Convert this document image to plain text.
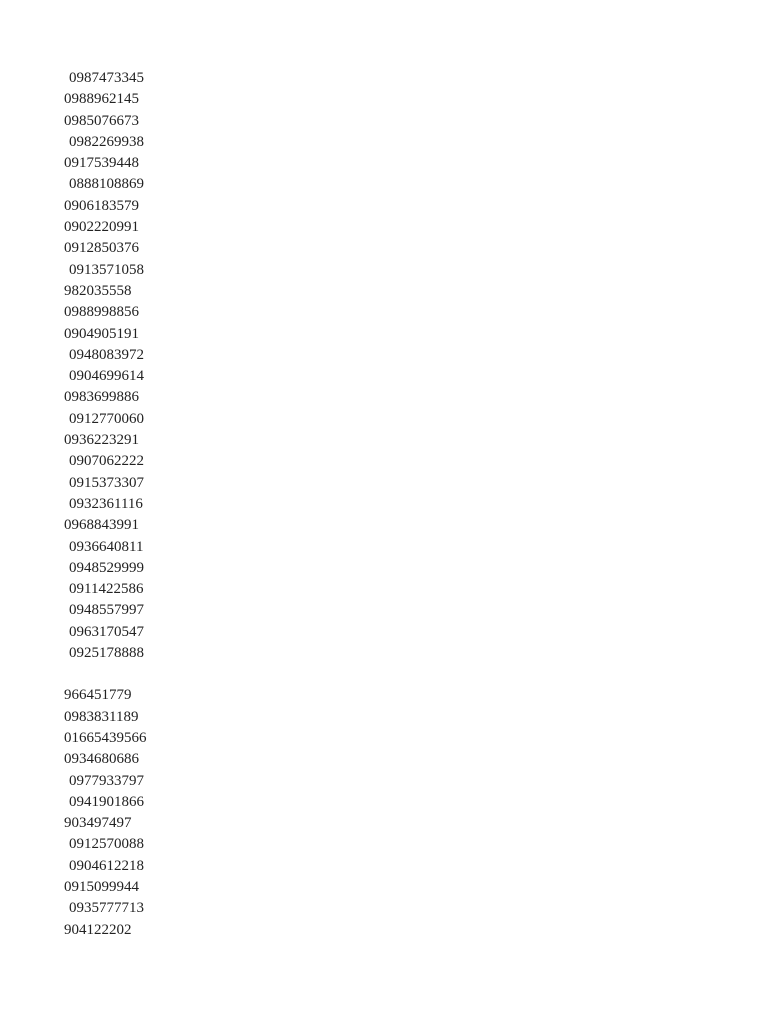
0987473345
0988962145
0985076673
0982269938
0917539448
0888108869
0906183579
0902220991
0912850376
0913571058
982035558
0988998856
0904905191
0948083972
0904699614
0983699886
0912770060
0936223291
0907062222
0915373307
0932361116
0968843991
0936640811
0948529999
0911422586
0948557997
0963170547
0925178888
966451779
0983831189
01665439566
0934680686
0977933797
0941901866
903497497
0912570088
0904612218
0915099944
0935777713
904122202
